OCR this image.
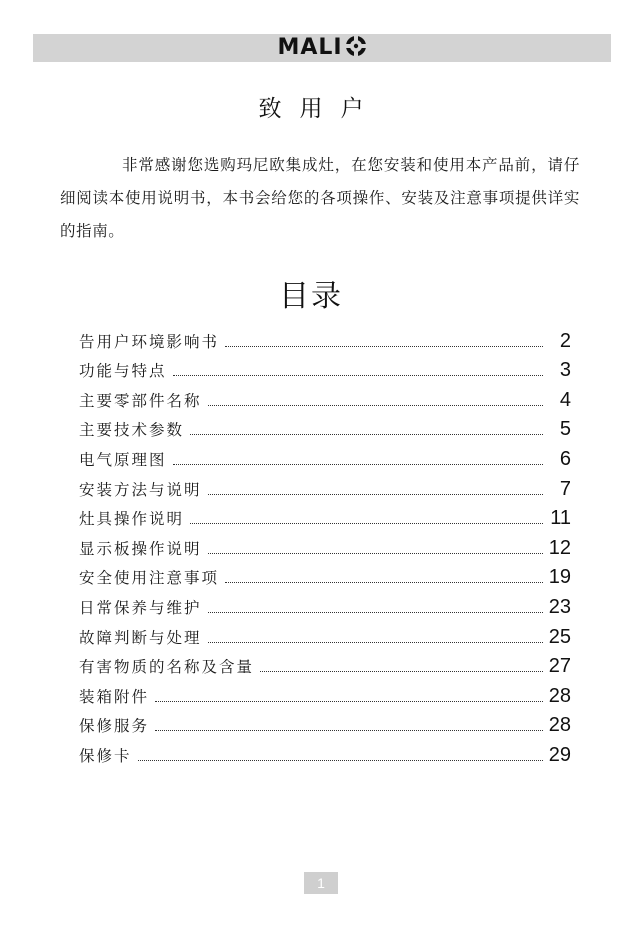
MALI
致用户

非常感谢您选购玛尼欧集成灶，在您安装和使用本产品前，请仔细阅读本使用说明书，本书会给您的各项操作、安装及注意事项提供详实的指南。

目录
告用户环境影响书	2
功能与特点	3
主要零部件名称	4
主要技术参数	5
电气原理图	6
安装方法与说明	7
灶具操作说明	11
显示板操作说明	12
安全使用注意事项	19
日常保养与维护	23
故障判断与处理	25
有害物质的名称及含量	27
装箱附件	28
保修服务	28
保修卡	29
1
